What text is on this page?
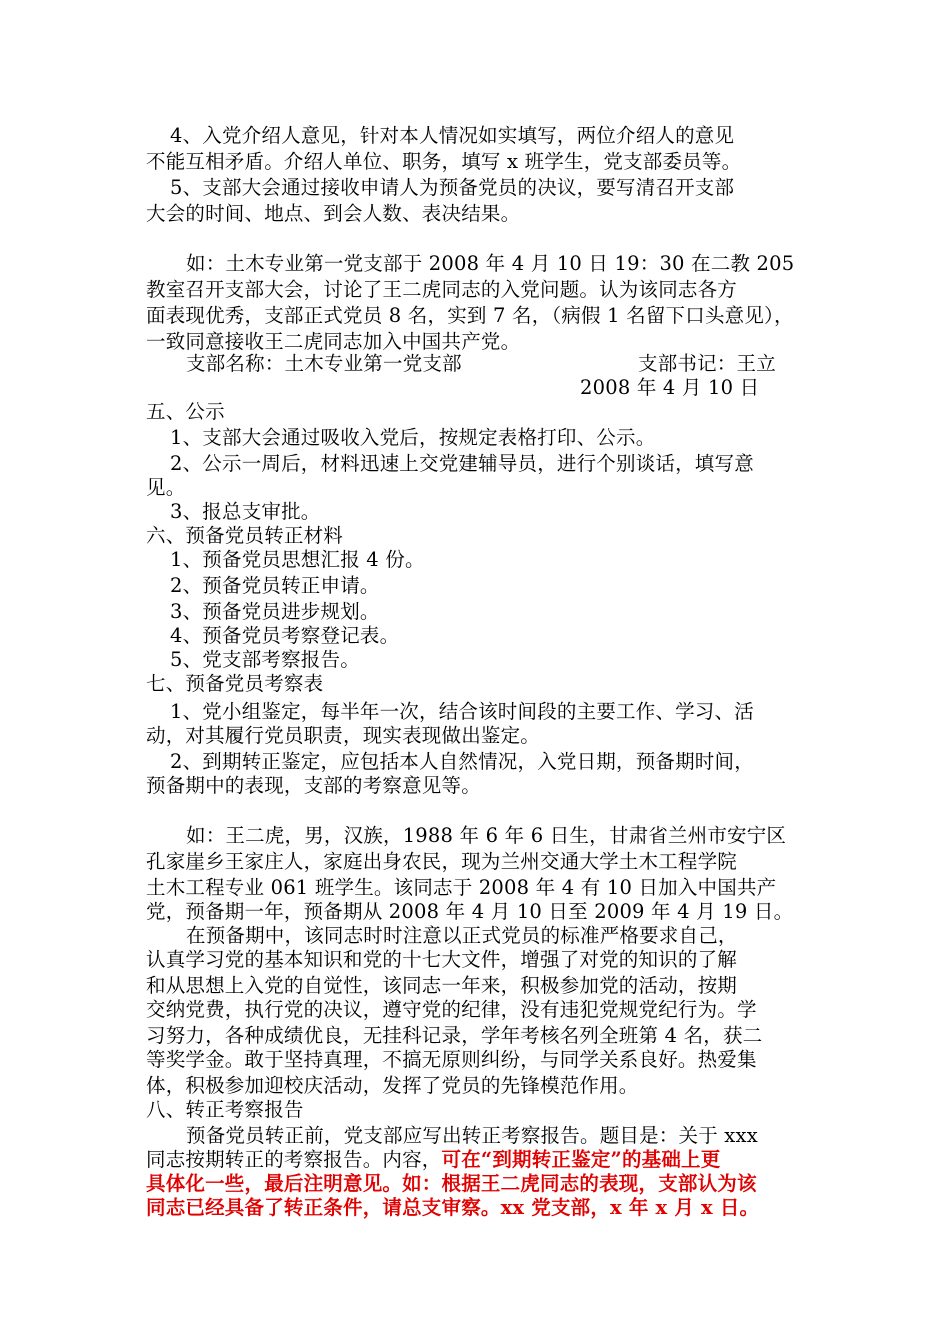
4、入党介绍人意见，针对本人情况如实填写，两位介绍人的意见
不能互相矛盾。介绍人单位、职务，填写 x 班学生，党支部委员等。
5、支部大会通过接收申请人为预备党员的决议，要写清召开支部
大会的时间、地点、到会人数、表决结果。
如：土木专业第一党支部于 2008 年 4 月 10 日 19：30 在二教 205
教室召开支部大会，讨论了王二虎同志的入党问题。认为该同志各方
面表现优秀，支部正式党员 8 名，实到 7 名，（病假 1 名留下口头意见），
一致同意接收王二虎同志加入中国共产党。
支部名称：土木专业第一党支部	支部书记：王立
2008 年 4 月 10 日
五、公示
1、支部大会通过吸收入党后，按规定表格打印、公示。
2、公示一周后，材料迅速上交党建辅导员，进行个别谈话，填写意
见。
3、报总支审批。
六、预备党员转正材料
1、预备党员思想汇报 4 份。
2、预备党员转正申请。
3、预备党员进步规划。
4、预备党员考察登记表。
5、党支部考察报告。
七、预备党员考察表
1、党小组鉴定，每半年一次，结合该时间段的主要工作、学习、活
动，对其履行党员职责，现实表现做出鉴定。
2、到期转正鉴定，应包括本人自然情况，入党日期，预备期时间，
预备期中的表现，支部的考察意见等。
如：王二虎，男，汉族，1988 年 6 年 6 日生，甘肃省兰州市安宁区
孔家崖乡王家庄人，家庭出身农民，现为兰州交通大学土木工程学院
土木工程专业 061 班学生。该同志于 2008 年 4 有 10 日加入中国共产
党，预备期一年，预备期从 2008 年 4 月 10 日至 2009 年 4 月 19 日。
在预备期中，该同志时时注意以正式党员的标准严格要求自己，
认真学习党的基本知识和党的十七大文件，增强了对党的知识的了解
和从思想上入党的自觉性，该同志一年来，积极参加党的活动，按期
交纳党费，执行党的决议，遵守党的纪律，没有违犯党规党纪行为。学
习努力，各种成绩优良，无挂科记录，学年考核名列全班第 4 名，获二
等奖学金。敢于坚持真理，不搞无原则纠纷，与同学关系良好。热爱集
体，积极参加迎校庆活动，发挥了党员的先锋模范作用。
八、转正考察报告
预备党员转正前，党支部应写出转正考察报告。题目是：关于 xxx
同志按期转正的考察报告。内容，可在“到期转正鉴定”的基础上更
具体化一些，最后注明意见。如：根据王二虎同志的表现，支部认为该
同志已经具备了转正条件，请总支审察。xx 党支部，x 年 x 月 x 日。
